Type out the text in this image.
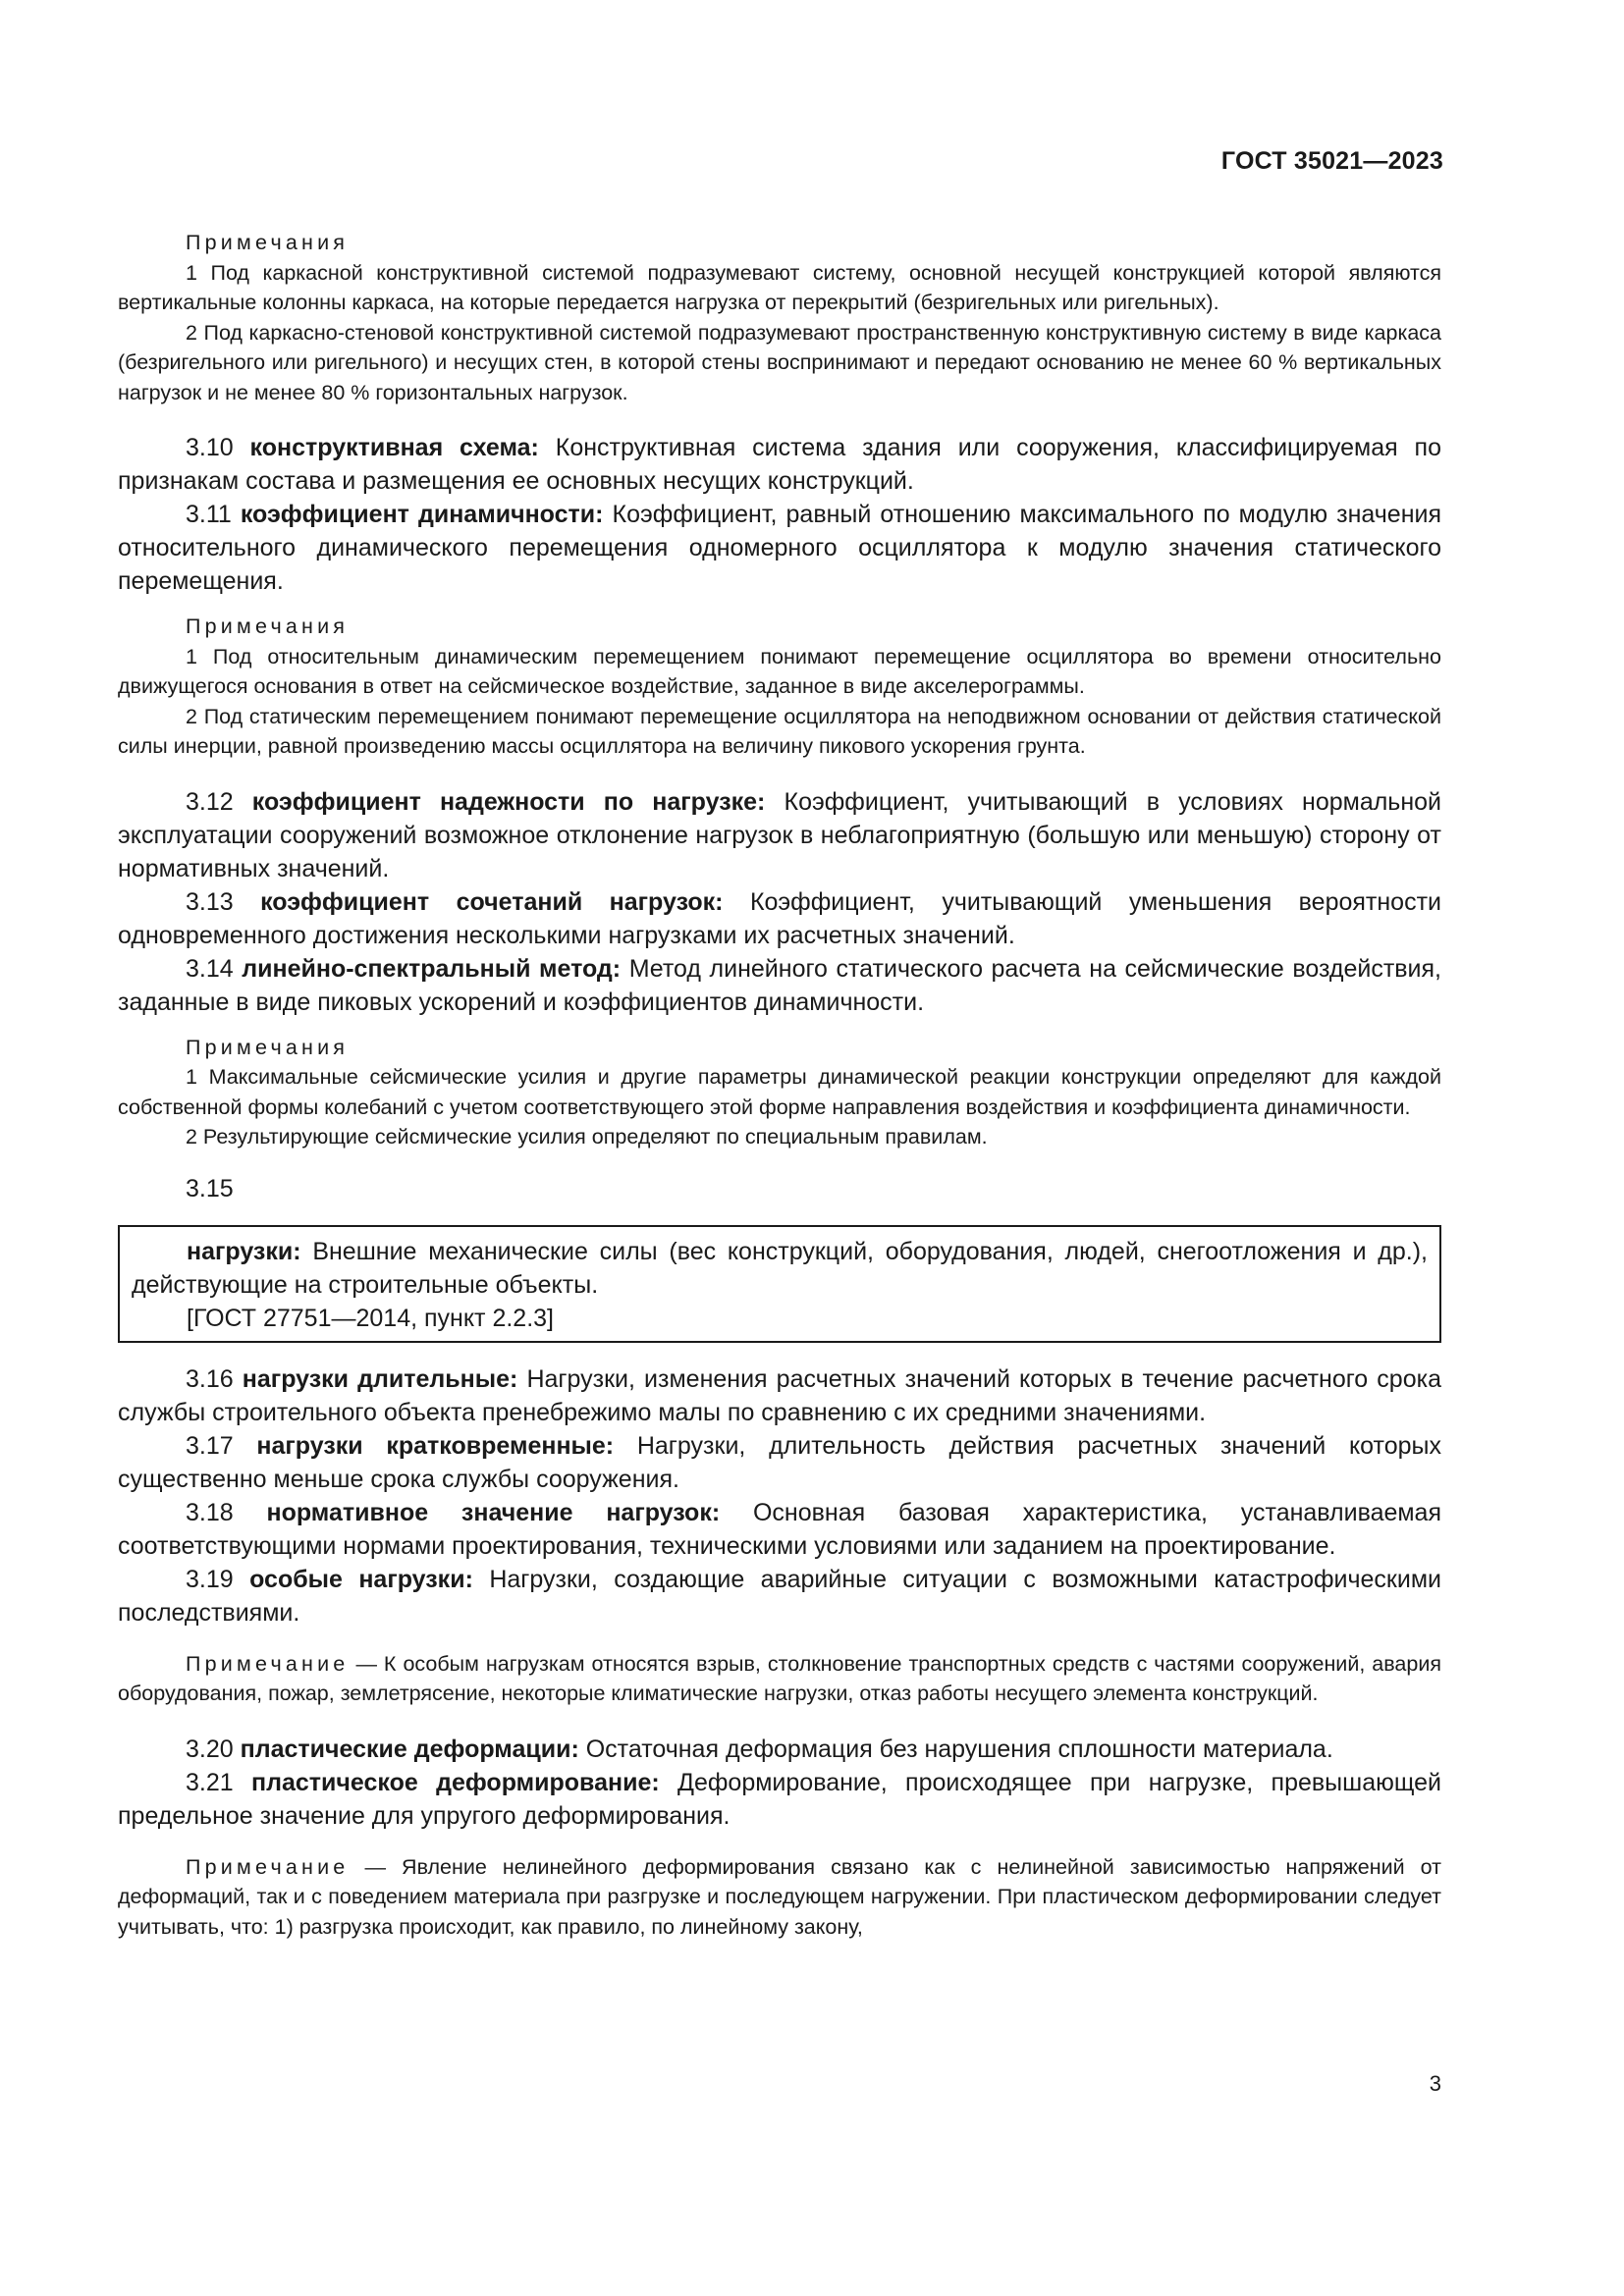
ГОСТ 35021—2023

Примечания

1 Под каркасной конструктивной системой подразумевают систему, основной несущей конструкцией которой являются вертикальные колонны каркаса, на которые передается нагрузка от перекрытий (безригельных или ригельных).

2 Под каркасно-стеновой конструктивной системой подразумевают пространственную конструктивную систему в виде каркаса (безригельного или ригельного) и несущих стен, в которой стены воспринимают и передают основанию не менее 60 % вертикальных нагрузок и не менее 80 % горизонтальных нагрузок.

3.10 конструктивная схема: Конструктивная система здания или сооружения, классифицируемая по признакам состава и размещения ее основных несущих конструкций.

3.11 коэффициент динамичности: Коэффициент, равный отношению максимального по модулю значения относительного динамического перемещения одномерного осциллятора к модулю значения статического перемещения.

Примечания

1 Под относительным динамическим перемещением понимают перемещение осциллятора во времени относительно движущегося основания в ответ на сейсмическое воздействие, заданное в виде акселерограммы.

2 Под статическим перемещением понимают перемещение осциллятора на неподвижном основании от действия статической силы инерции, равной произведению массы осциллятора на величину пикового ускорения грунта.

3.12 коэффициент надежности по нагрузке: Коэффициент, учитывающий в условиях нормальной эксплуатации сооружений возможное отклонение нагрузок в неблагоприятную (большую или меньшую) сторону от нормативных значений.

3.13 коэффициент сочетаний нагрузок: Коэффициент, учитывающий уменьшения вероятности одновременного достижения несколькими нагрузками их расчетных значений.

3.14 линейно-спектральный метод: Метод линейного статического расчета на сейсмические воздействия, заданные в виде пиковых ускорений и коэффициентов динамичности.

Примечания

1 Максимальные сейсмические усилия и другие параметры динамической реакции конструкции определяют для каждой собственной формы колебаний с учетом соответствующего этой форме направления воздействия и коэффициента динамичности.

2 Результирующие сейсмические усилия определяют по специальным правилам.

3.15

нагрузки: Внешние механические силы (вес конструкций, оборудования, людей, снегоотложения и др.), действующие на строительные объекты.

[ГОСТ 27751—2014, пункт 2.2.3]

3.16 нагрузки длительные: Нагрузки, изменения расчетных значений которых в течение расчетного срока службы строительного объекта пренебрежимо малы по сравнению с их средними значениями.

3.17 нагрузки кратковременные: Нагрузки, длительность действия расчетных значений которых существенно меньше срока службы сооружения.

3.18 нормативное значение нагрузок: Основная базовая характеристика, устанавливаемая соответствующими нормами проектирования, техническими условиями или заданием на проектирование.

3.19 особые нагрузки: Нагрузки, создающие аварийные ситуации с возможными катастрофическими последствиями.

Примечание — К особым нагрузкам относятся взрыв, столкновение транспортных средств с частями сооружений, авария оборудования, пожар, землетрясение, некоторые климатические нагрузки, отказ работы несущего элемента конструкций.

3.20 пластические деформации: Остаточная деформация без нарушения сплошности материала.

3.21 пластическое деформирование: Деформирование, происходящее при нагрузке, превышающей предельное значение для упругого деформирования.

Примечание — Явление нелинейного деформирования связано как с нелинейной зависимостью напряжений от деформаций, так и с поведением материала при разгрузке и последующем нагружении. При пластическом деформировании следует учитывать, что: 1) разгрузка происходит, как правило, по линейному закону,

3
